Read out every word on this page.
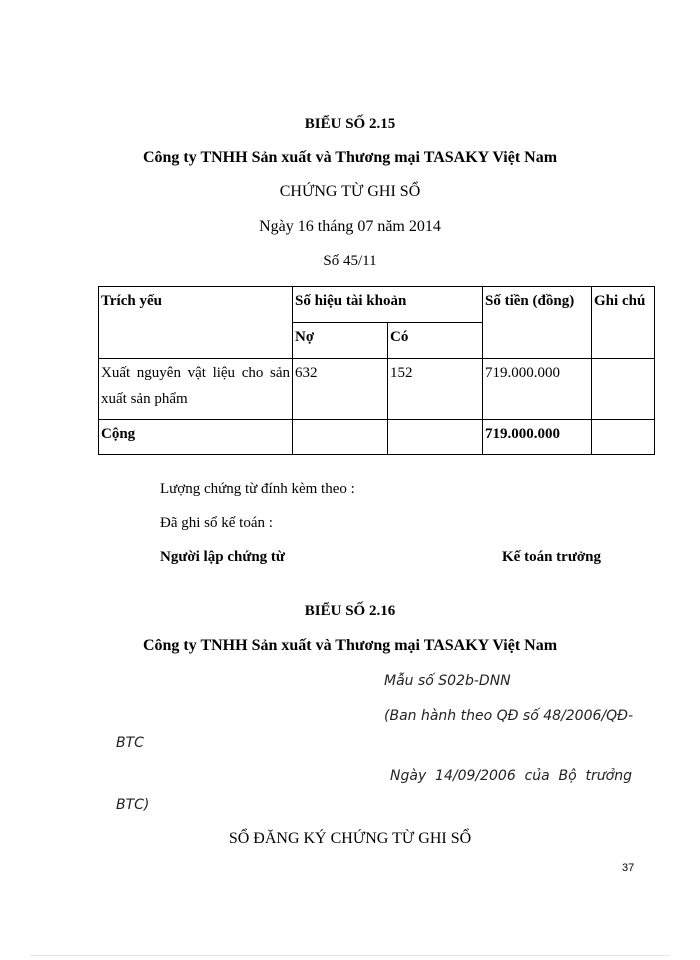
BIỂU SỐ 2.15
Công ty TNHH Sản xuất và Thương mại TASAKY Việt Nam
CHỨNG TỪ GHI SỔ
Ngày 16 tháng 07 năm 2014
Số 45/11
Trích yếu	Số hiệu tài khoản		Số tiền (đồng)	Ghi chú
	Nợ	Có		
Xuất nguyên vật liệu cho sản xuất sản phẩm	632	152	719.000.000	
Cộng			719.000.000	
Lượng chứng từ đính kèm theo :
Đã ghi sổ kế toán :
Người lập chứng từ	Kế toán trưởng
BIỂU SỐ 2.16
Công ty TNHH Sản xuất và Thương mại TASAKY Việt Nam
Mẫu số S02b-DNN
(Ban hành theo QĐ số 48/2006/QĐ-
BTC
Ngày 14/09/2006 của Bộ trưởng
BTC)
SỔ ĐĂNG KÝ CHỨNG TỪ GHI SỔ
37
